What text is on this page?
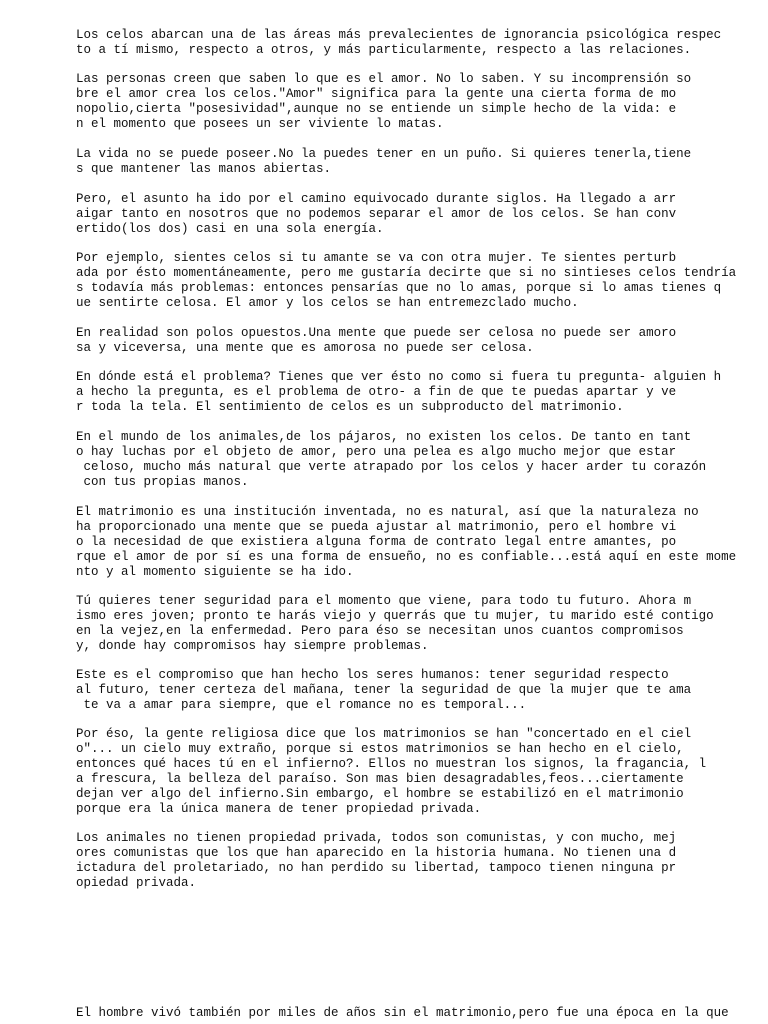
Los celos abarcan una de las áreas más prevalecientes de ignorancia psicológica respec
to a tí mismo, respecto a otros, y más particularmente, respecto a las relaciones.
Las personas creen que saben lo que es el amor. No lo saben. Y su incomprensión so
bre el amor crea los celos."Amor" significa para la gente una cierta forma de mo
nopolio,cierta "posesividad",aunque no se entiende un simple hecho de la vida: e
n el momento que posees un ser viviente lo matas.
La vida no se puede poseer.No la puedes tener en un puño. Si quieres tenerla,tiene
s que mantener las manos abiertas.
Pero, el asunto ha ido por el camino equivocado durante siglos. Ha llegado a arr
aigar tanto en nosotros que no podemos separar el amor de los celos. Se han conv
ertido(los dos) casi en una sola energía.
Por ejemplo, sientes celos si tu amante se va con otra mujer. Te sientes perturb
ada por ésto momentáneamente, pero me gustaría decirte que si no sintieses celos tendría
s todavía más problemas: entonces pensarías que no lo amas, porque si lo amas tienes q
ue sentirte celosa. El amor y los celos se han entremezclado mucho.
En realidad son polos opuestos.Una mente que puede ser celosa no puede ser amoro
sa y viceversa, una mente que es amorosa no puede ser celosa.
En dónde está el problema? Tienes que ver ésto no como si fuera tu pregunta- alguien h
a hecho la pregunta, es el problema de otro- a fin de que te puedas apartar y ve
r toda la tela. El sentimiento de celos es un subproducto del matrimonio.
En el mundo de los animales,de los pájaros, no existen los celos. De tanto en tant
o hay luchas por el objeto de amor, pero una pelea es algo mucho mejor que estar
celoso, mucho más natural que verte atrapado por los celos y hacer arder tu corazón
con tus propias manos.
El matrimonio es una institución inventada, no es natural, así que la naturaleza no
ha proporcionado una mente que se pueda ajustar al matrimonio, pero el hombre vi
o la necesidad de que existiera alguna forma de contrato legal entre amantes, po
rque el amor de por sí es una forma de ensueño, no es confiable...está aquí en este mome
nto y al momento siguiente se ha ido.
Tú quieres tener seguridad para el momento que viene, para todo tu futuro. Ahora m
ismo eres joven; pronto te harás viejo y querrás que tu mujer, tu marido esté contigo
en la vejez,en la enfermedad. Pero para éso se necesitan unos cuantos compromisos
y, donde hay compromisos hay siempre problemas.
Este es el compromiso que han hecho los seres humanos: tener seguridad respecto
al futuro, tener certeza del mañana, tener la seguridad de que la mujer que te ama
te va a amar para siempre, que el romance no es temporal...
Por éso, la gente religiosa dice que los matrimonios se han "concertado en el ciel
o"... un cielo muy extraño, porque si estos matrimonios se han hecho en el cielo,
entonces qué haces tú en el infierno?. Ellos no muestran los signos, la fragancia, l
a frescura, la belleza del paraíso. Son mas bien desagradables,feos...ciertamente
dejan ver algo del infierno.Sin embargo, el hombre se estabilizó en el matrimonio
porque era la única manera de tener propiedad privada.
Los animales no tienen propiedad privada, todos son comunistas, y con mucho, mej
ores comunistas que los que han aparecido en la historia humana. No tienen una d
ictadura del proletariado, no han perdido su libertad, tampoco tienen ninguna pr
opiedad privada.
El hombre vivó también por miles de años sin el matrimonio,pero fue una época en la que
